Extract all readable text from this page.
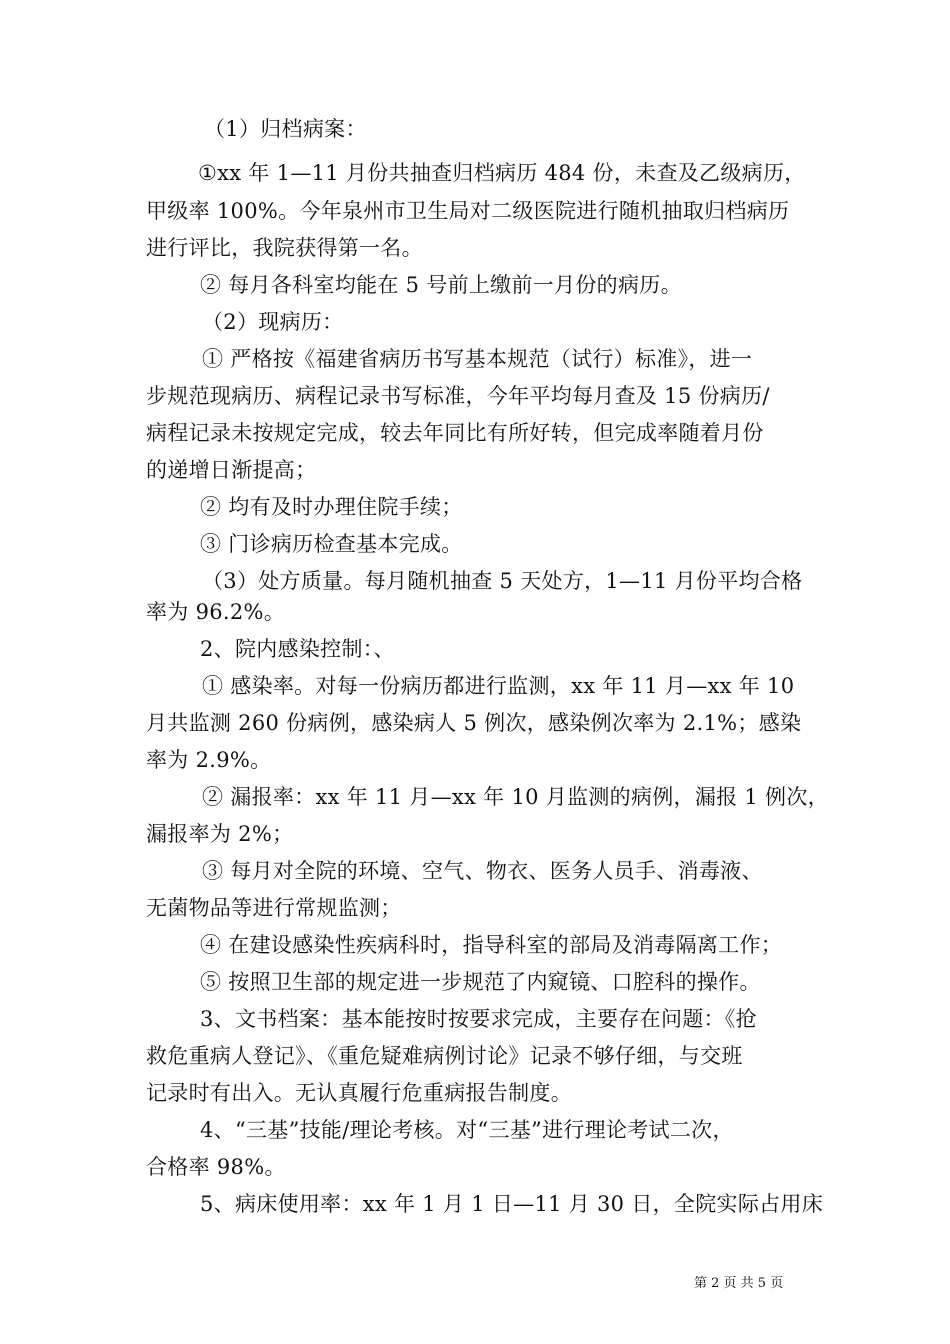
（1）归档病案：
①xx 年 1—11 月份共抽查归档病历 484 份，未查及乙级病历，
甲级率 100%。今年泉州市卫生局对二级医院进行随机抽取归档病历
进行评比，我院获得第一名。
② 每月各科室均能在 5 号前上缴前一月份的病历。
（2）现病历：
① 严格按《福建省病历书写基本规范（试行）标准》，进一
步规范现病历、病程记录书写标准，今年平均每月查及 15 份病历/
病程记录未按规定完成，较去年同比有所好转，但完成率随着月份
的递增日渐提高；
② 均有及时办理住院手续；
③ 门诊病历检查基本完成。
（3）处方质量。每月随机抽查 5 天处方，1—11 月份平均合格
率为 96.2%。
2、院内感染控制：、
① 感染率。对每一份病历都进行监测，xx 年 11 月—xx 年 10
月共监测 260 份病例，感染病人 5 例次，感染例次率为 2.1%；感染
率为 2.9%。
② 漏报率：xx 年 11 月—xx 年 10 月监测的病例，漏报 1 例次，
漏报率为 2%；
③ 每月对全院的环境、空气、物衣、医务人员手、消毒液、
无菌物品等进行常规监测；
④ 在建设感染性疾病科时，指导科室的部局及消毒隔离工作；
⑤ 按照卫生部的规定进一步规范了内窥镜、口腔科的操作。
3、文书档案：基本能按时按要求完成，主要存在问题：《抢
救危重病人登记》、《重危疑难病例讨论》记录不够仔细，与交班
记录时有出入。无认真履行危重病报告制度。
4、“三基”技能/理论考核。对“三基”进行理论考试二次，
合格率 98%。
5、病床使用率：xx 年 1 月 1 日—11 月 30 日，全院实际占用床
第 2 页 共 5 页
